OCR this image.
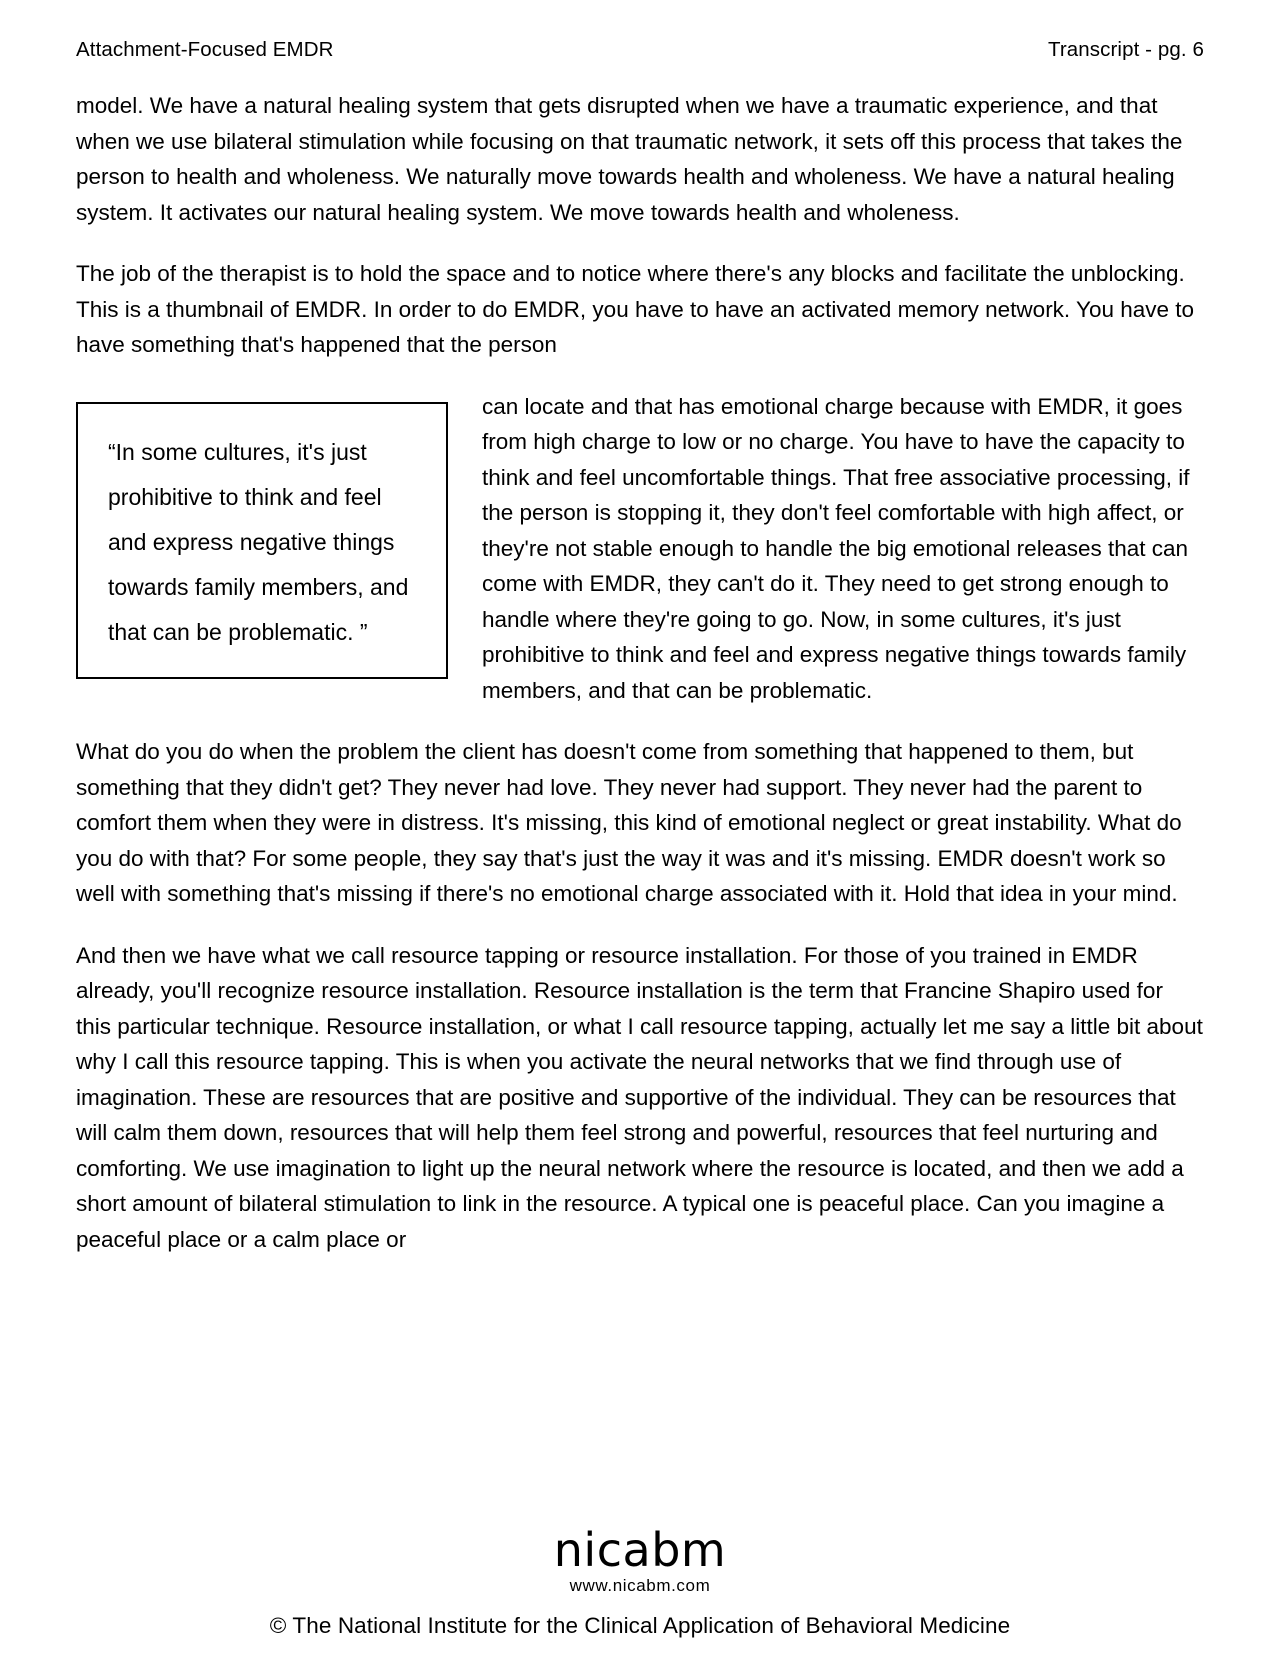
Attachment-Focused EMDR	Transcript - pg. 6

model. We have a natural healing system that gets disrupted when we have a traumatic experience, and that when we use bilateral stimulation while focusing on that traumatic network, it sets off this process that takes the person to health and wholeness. We naturally move towards health and wholeness. We have a natural healing system. It activates our natural healing system. We move towards health and wholeness.

The job of the therapist is to hold the space and to notice where there's any blocks and facilitate the unblocking. This is a thumbnail of EMDR. In order to do EMDR, you have to have an activated memory network. You have to have something that's happened that the person

“In some cultures, it's just prohibitive to think and feel and express negative things towards family members, and that can be problematic. ”

can locate and that has emotional charge because with EMDR, it goes from high charge to low or no charge. You have to have the capacity to think and feel uncomfortable things. That free associative processing, if the person is stopping it, they don't feel comfortable with high affect, or they're not stable enough to handle the big emotional releases that can come with EMDR, they can't do it. They need to get strong enough to handle where they're going to go. Now, in some cultures, it's just prohibitive to think and feel and express negative things towards family members, and that can be problematic.

What do you do when the problem the client has doesn't come from something that happened to them, but something that they didn't get? They never had love. They never had support. They never had the parent to comfort them when they were in distress. It's missing, this kind of emotional neglect or great instability. What do you do with that? For some people, they say that's just the way it was and it's missing. EMDR doesn't work so well with something that's missing if there's no emotional charge associated with it. Hold that idea in your mind.

And then we have what we call resource tapping or resource installation. For those of you trained in EMDR already, you'll recognize resource installation. Resource installation is the term that Francine Shapiro used for this particular technique. Resource installation, or what I call resource tapping, actually let me say a little bit about why I call this resource tapping. This is when you activate the neural networks that we find through use of imagination. These are resources that are positive and supportive of the individual. They can be resources that will calm them down, resources that will help them feel strong and powerful, resources that feel nurturing and comforting. We use imagination to light up the neural network where the resource is located, and then we add a short amount of bilateral stimulation to link in the resource. A typical one is peaceful place. Can you imagine a peaceful place or a calm place or

nicabm
www.nicabm.com
© The National Institute for the Clinical Application of Behavioral Medicine
